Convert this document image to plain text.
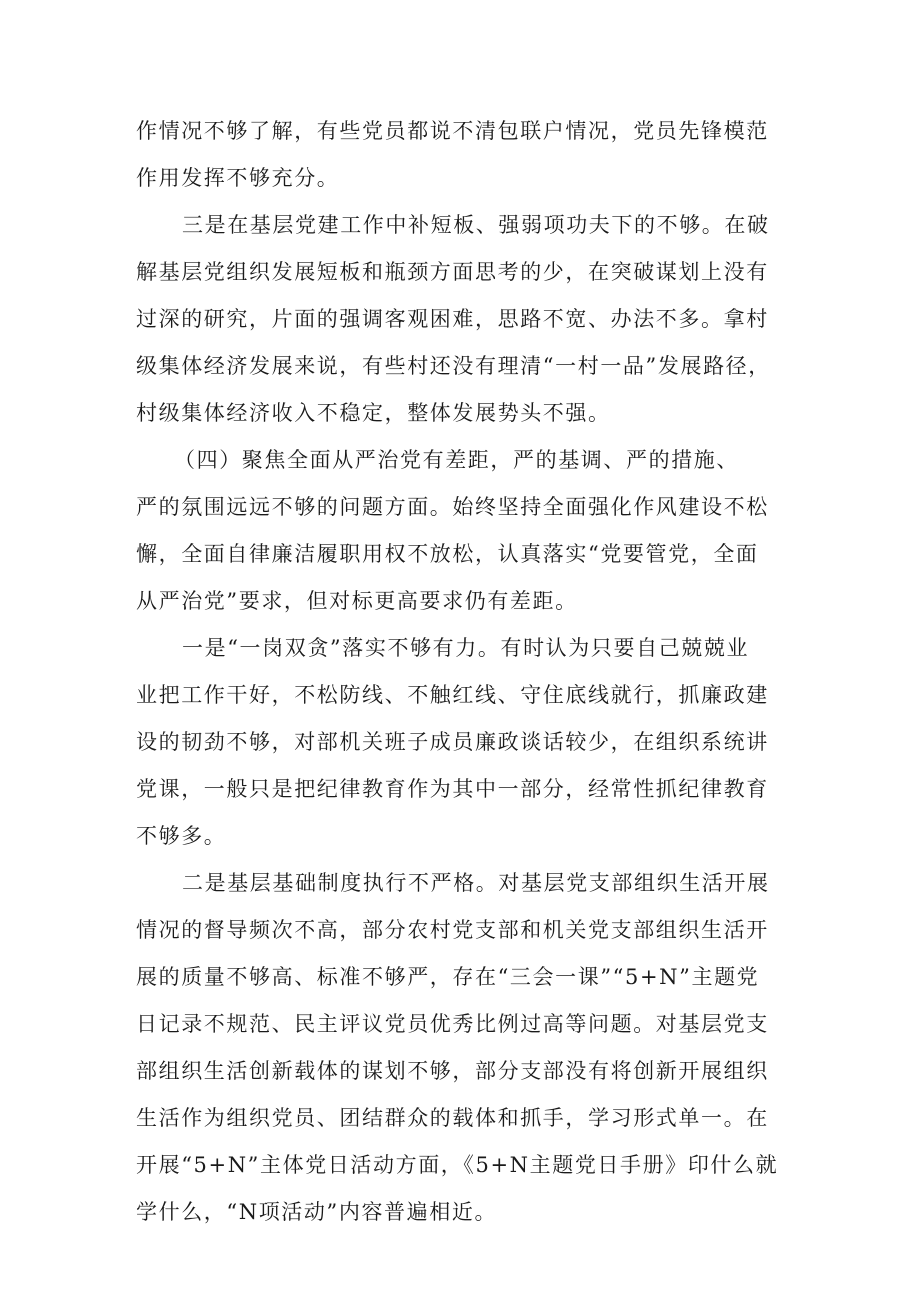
作情况不够了解，有些党员都说不清包联户情况，党员先锋模范
作用发挥不够充分。
三是在基层党建工作中补短板、强弱项功夫下的不够。在破
解基层党组织发展短板和瓶颈方面思考的少，在突破谋划上没有
过深的研究，片面的强调客观困难，思路不宽、办法不多。拿村
级集体经济发展来说，有些村还没有理清“一村一品”发展路径，
村级集体经济收入不稳定，整体发展势头不强。
（四）聚焦全面从严治党有差距，严的基调、严的措施、
严的氛围远远不够的问题方面。始终坚持全面强化作风建设不松
懈，全面自律廉洁履职用权不放松，认真落实“党要管党，全面
从严治党”要求，但对标更高要求仍有差距。
一是“一岗双贪”落实不够有力。有时认为只要自己兢兢业
业把工作干好，不松防线、不触红线、守住底线就行，抓廉政建
设的韧劲不够，对部机关班子成员廉政谈话较少，在组织系统讲
党课，一般只是把纪律教育作为其中一部分，经常性抓纪律教育
不够多。
二是基层基础制度执行不严格。对基层党支部组织生活开展
情况的督导频次不高，部分农村党支部和机关党支部组织生活开
展的质量不够高、标准不够严，存在“三会一课”“5+N”主题党
日记录不规范、民主评议党员优秀比例过高等问题。对基层党支
部组织生活创新载体的谋划不够，部分支部没有将创新开展组织
生活作为组织党员、团结群众的载体和抓手，学习形式单一。在
开展“5+N”主体党日活动方面，《5+N主题党日手册》印什么就
学什么，“N项活动”内容普遍相近。
